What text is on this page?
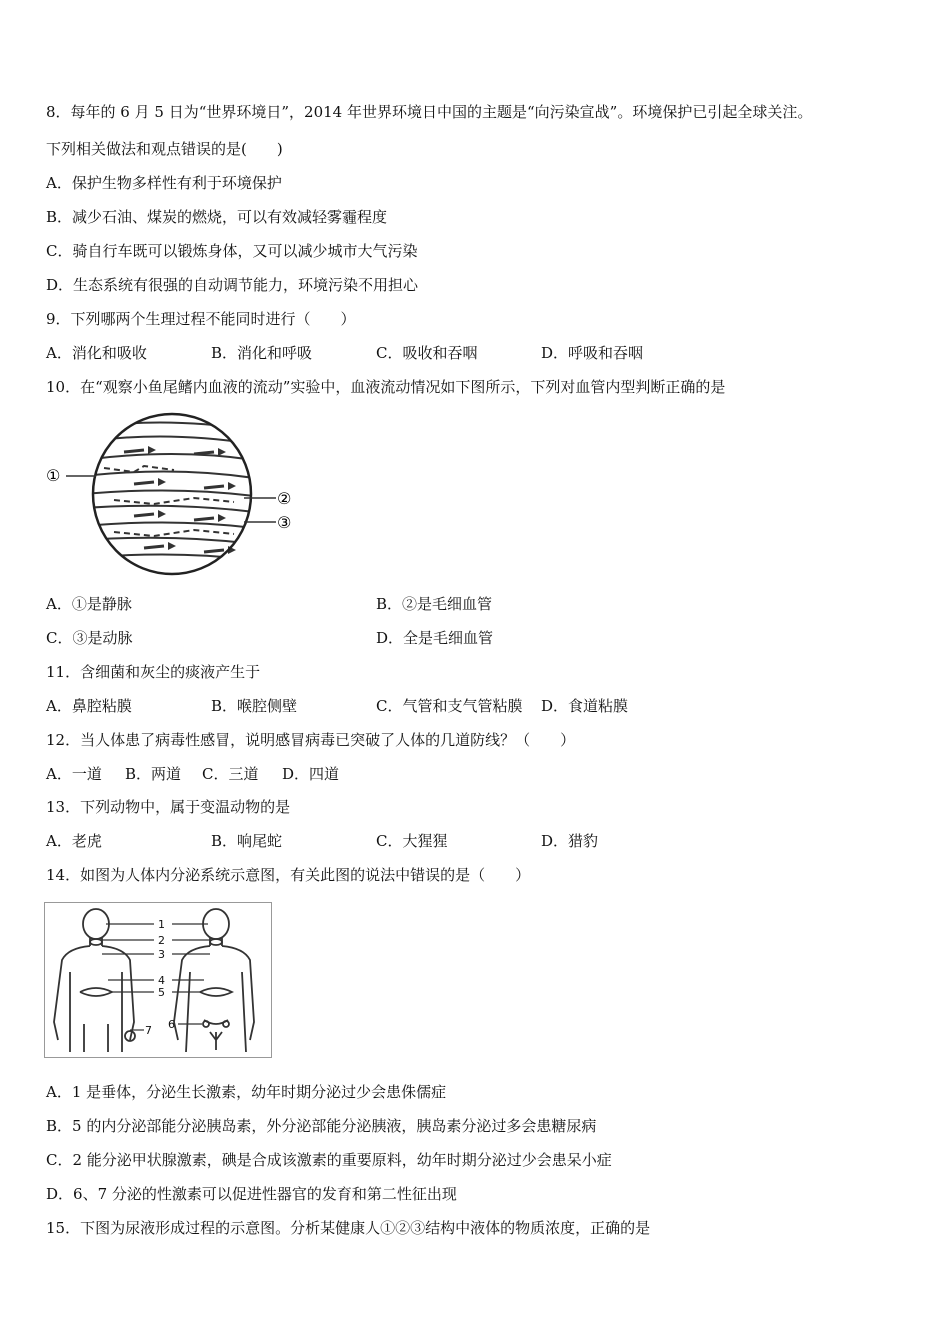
8．每年的 6 月 5 日为“世界环境日”，2014 年世界环境日中国的主题是“向污染宣战”。环境保护已引起全球关注。
下列相关做法和观点错误的是(　　)
A．保护生物多样性有利于环境保护
B．减少石油、煤炭的燃烧，可以有效减轻雾霾程度
C．骑自行车既可以锻炼身体，又可以减少城市大气污染
D．生态系统有很强的自动调节能力，环境污染不用担心
9．下列哪两个生理过程不能同时进行（　　）
A．消化和吸收	B．消化和呼吸	C．吸收和吞咽	D．呼吸和吞咽
10．在“观察小鱼尾鳍内血液的流动”实验中，血液流动情况如下图所示，下列对血管内型判断正确的是
①
②
③
A．①是静脉	B．②是毛细血管
C．③是动脉	D．全是毛细血管
11．含细菌和灰尘的痰液产生于
A．鼻腔粘膜	B．喉腔侧壁	C．气管和支气管粘膜 D．食道粘膜
12．当人体患了病毒性感冒，说明感冒病毒已突破了人体的几道防线？（　　）
A．一道 B．两道 C．三道 D．四道
13．下列动物中，属于变温动物的是
A．老虎	B．响尾蛇	C．大猩猩	D．猎豹
14．如图为人体内分泌系统示意图，有关此图的说法中错误的是（　　）
1
2
3
4
5
6
7
A．1 是垂体，分泌生长激素，幼年时期分泌过少会患侏儒症
B．5 的内分泌部能分泌胰岛素，外分泌部能分泌胰液，胰岛素分泌过多会患糖尿病
C．2 能分泌甲状腺激素，碘是合成该激素的重要原料，幼年时期分泌过少会患呆小症
D．6、7 分泌的性激素可以促进性器官的发育和第二性征出现
15．下图为尿液形成过程的示意图。分析某健康人①②③结构中液体的物质浓度，正确的是
